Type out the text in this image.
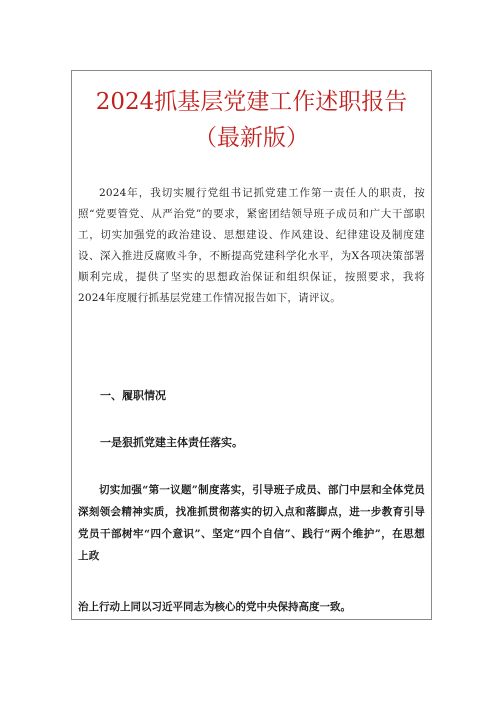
2024抓基层党建工作述职报告
（最新版）

2024年，我切实履行党组书记抓党建工作第一责任人的职责，按照“党要管党、从严治党”的要求，紧密团结领导班子成员和广大干部职工，切实加强党的政治建设、思想建设、作风建设、纪律建设及制度建设、深入推进反腐败斗争，不断提高党建科学化水平，为X各项决策部署顺利完成，提供了坚实的思想政治保证和组织保证，按照要求，我将2024年度履行抓基层党建工作情况报告如下，请评议。

一、履职情况

一是狠抓党建主体责任落实。

切实加强“第一议题”制度落实，引导班子成员、部门中层和全体党员深刻领会精神实质，找准抓贯彻落实的切入点和落脚点，进一步教育引导党员干部树牢“四个意识”、坚定“四个自信”、践行“两个维护”，在思想上政

治上行动上同以习近平同志为核心的党中央保持高度一致。
